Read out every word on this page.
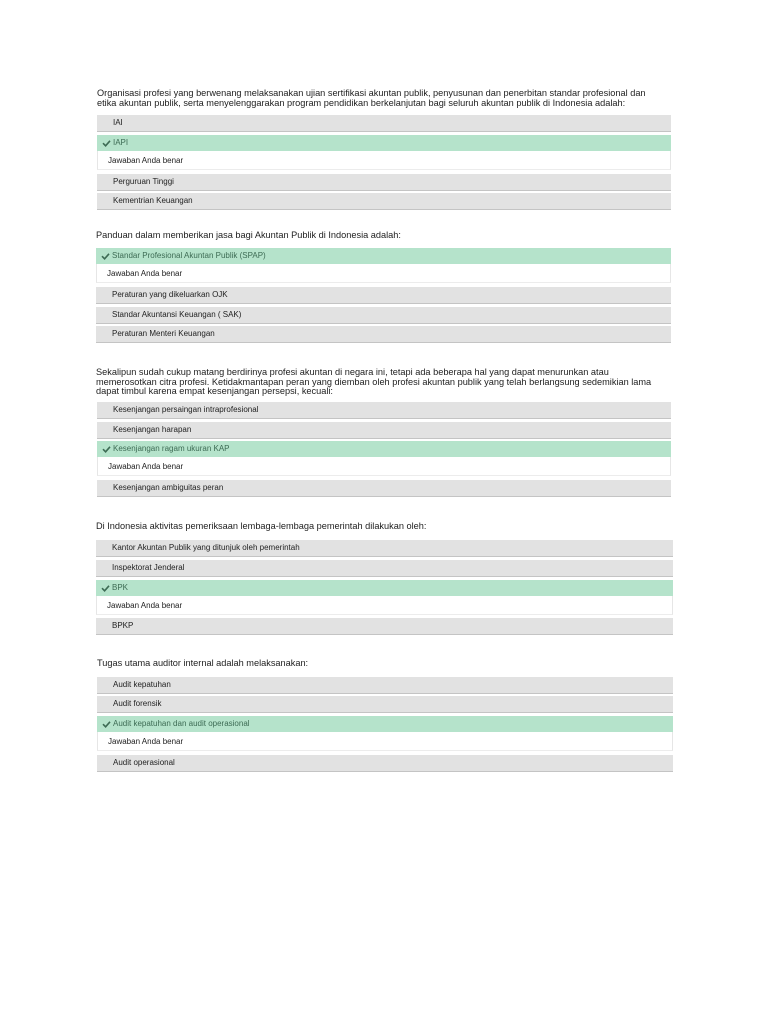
Organisasi profesi yang berwenang melaksanakan ujian sertifikasi akuntan publik, penyusunan dan penerbitan standar profesional dan etika akuntan publik, serta menyelenggarakan program pendidikan berkelanjutan bagi seluruh akuntan publik di Indonesia adalah:

IAI
IAPI
Jawaban Anda benar
Perguruan Tinggi
Kementrian Keuangan

Panduan dalam memberikan jasa bagi Akuntan Publik di Indonesia adalah:

Standar Profesional Akuntan Publik (SPAP)
Jawaban Anda benar
Peraturan yang dikeluarkan OJK
Standar Akuntansi Keuangan ( SAK)
Peraturan Menteri Keuangan

Sekalipun sudah cukup matang berdirinya profesi akuntan di negara ini, tetapi ada beberapa hal yang dapat menurunkan atau memerosotkan citra profesi. Ketidakmantapan peran yang diemban oleh profesi akuntan publik yang telah berlangsung sedemikian lama dapat timbul karena empat kesenjangan persepsi, kecuali:

Kesenjangan persaingan intraprofesional
Kesenjangan harapan
Kesenjangan ragam ukuran KAP
Jawaban Anda benar
Kesenjangan ambiguitas peran

Di Indonesia aktivitas pemeriksaan lembaga-lembaga pemerintah dilakukan oleh:

Kantor Akuntan Publik yang ditunjuk oleh pemerintah
Inspektorat Jenderal
BPK
Jawaban Anda benar
BPKP

Tugas utama auditor internal adalah melaksanakan:

Audit kepatuhan
Audit forensik
Audit kepatuhan dan audit operasional
Jawaban Anda benar
Audit operasional
